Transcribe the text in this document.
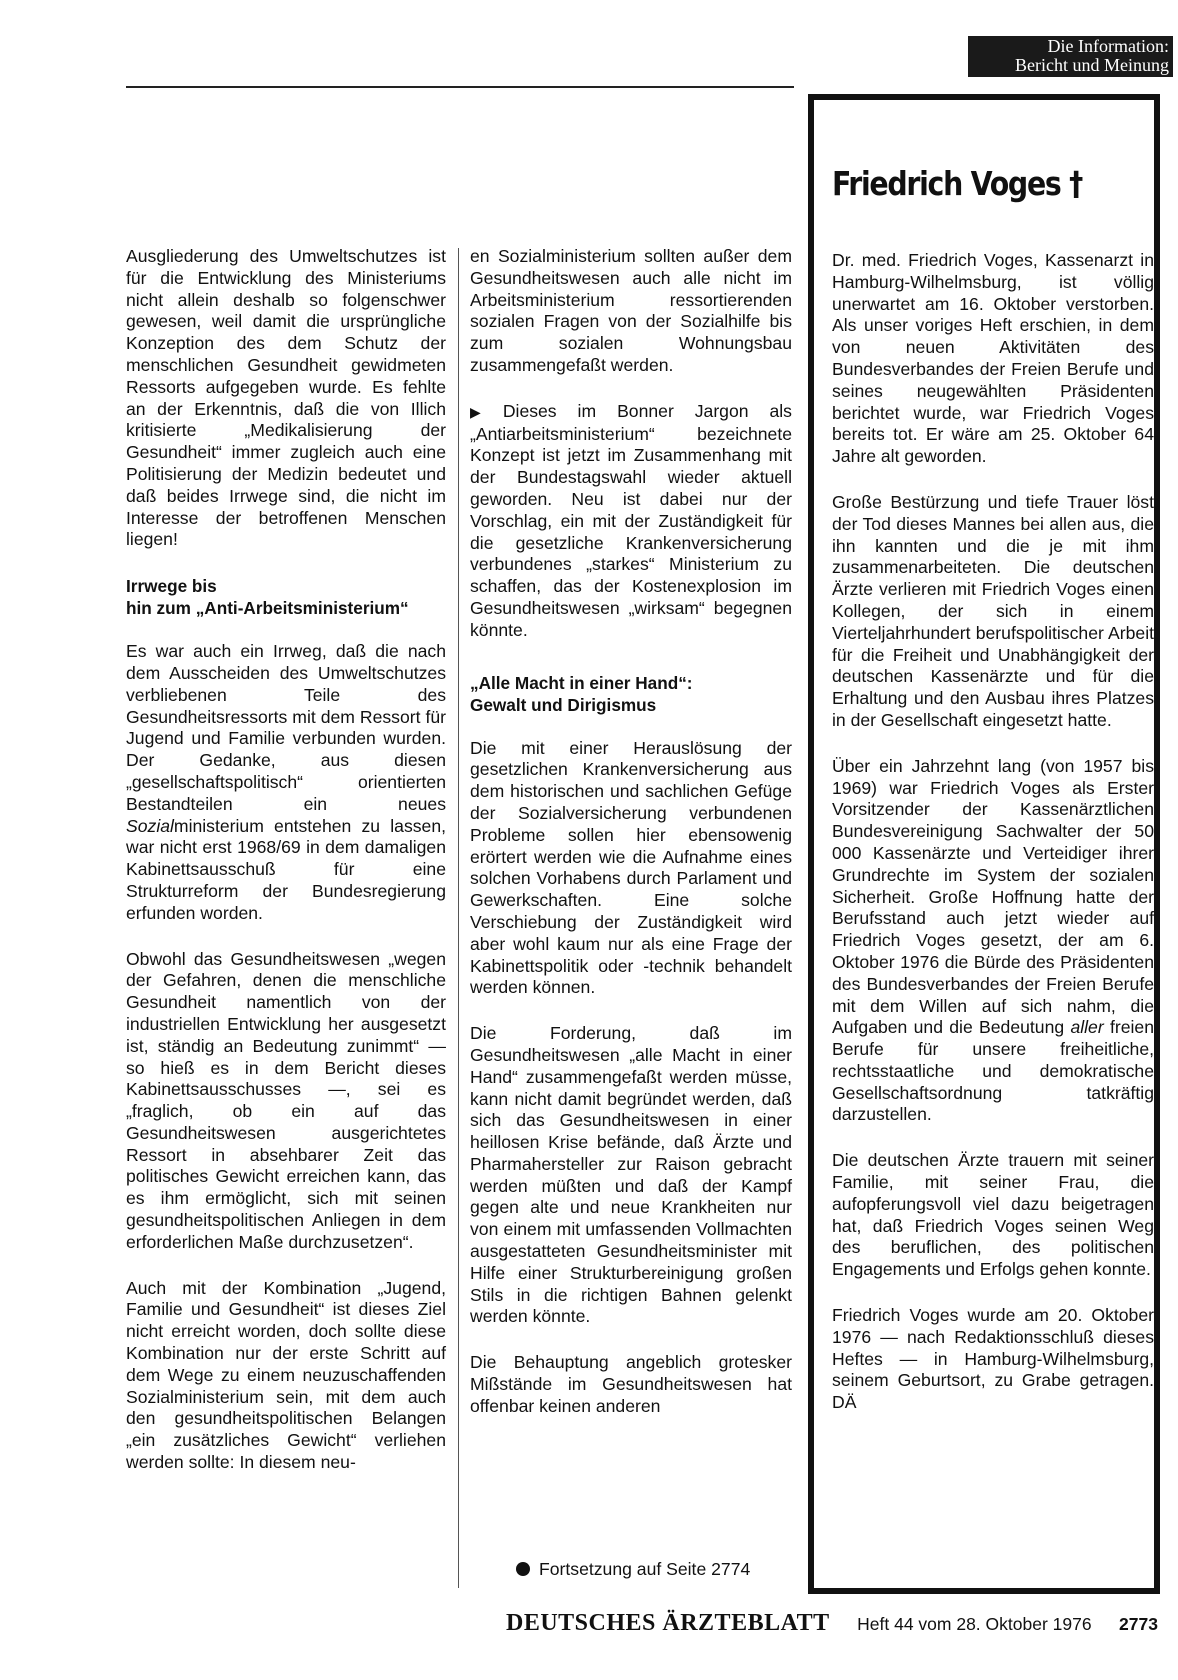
Die Information:
Bericht und Meinung

Ausgliederung des Umweltschutzes ist für die Entwicklung des Ministeriums nicht allein deshalb so folgenschwer gewesen, weil damit die ursprüngliche Konzeption des dem Schutz der menschlichen Gesundheit gewidmeten Ressorts aufgegeben wurde. Es fehlte an der Erkenntnis, daß die von Illich kritisierte „Medikalisierung der Gesundheit“ immer zugleich auch eine Politisierung der Medizin bedeutet und daß beides Irrwege sind, die nicht im Interesse der betroffenen Menschen liegen!

Irrwege bis
hin zum „Anti-Arbeitsministerium“

Es war auch ein Irrweg, daß die nach dem Ausscheiden des Umweltschutzes verbliebenen Teile des Gesundheitsressorts mit dem Ressort für Jugend und Familie verbunden wurden. Der Gedanke, aus diesen „gesellschaftspolitisch“ orientierten Bestandteilen ein neues Sozialministerium entstehen zu lassen, war nicht erst 1968/69 in dem damaligen Kabinettsausschuß für eine Strukturreform der Bundesregierung erfunden worden.

Obwohl das Gesundheitswesen „wegen der Gefahren, denen die menschliche Gesundheit namentlich von der industriellen Entwicklung her ausgesetzt ist, ständig an Bedeutung zunimmt“ — so hieß es in dem Bericht dieses Kabinettsausschusses —, sei es „fraglich, ob ein auf das Gesundheitswesen ausgerichtetes Ressort in absehbarer Zeit das politisches Gewicht erreichen kann, das es ihm ermöglicht, sich mit seinen gesundheitspolitischen Anliegen in dem erforderlichen Maße durchzusetzen“.

Auch mit der Kombination „Jugend, Familie und Gesundheit“ ist dieses Ziel nicht erreicht worden, doch sollte diese Kombination nur der erste Schritt auf dem Wege zu einem neuzuschaffenden Sozialministerium sein, mit dem auch den gesundheitspolitischen Belangen „ein zusätzliches Gewicht“ verliehen werden sollte: In diesem neu-

en Sozialministerium sollten außer dem Gesundheitswesen auch alle nicht im Arbeitsministerium ressortierenden sozialen Fragen von der Sozialhilfe bis zum sozialen Wohnungsbau zusammengefaßt werden.

▶ Dieses im Bonner Jargon als „Antiarbeitsministerium“ bezeichnete Konzept ist jetzt im Zusammenhang mit der Bundestagswahl wieder aktuell geworden. Neu ist dabei nur der Vorschlag, ein mit der Zuständigkeit für die gesetzliche Krankenversicherung verbundenes „starkes“ Ministerium zu schaffen, das der Kostenexplosion im Gesundheitswesen „wirksam“ begegnen könnte.

„Alle Macht in einer Hand“:
Gewalt und Dirigismus

Die mit einer Herauslösung der gesetzlichen Krankenversicherung aus dem historischen und sachlichen Gefüge der Sozialversicherung verbundenen Probleme sollen hier ebensowenig erörtert werden wie die Aufnahme eines solchen Vorhabens durch Parlament und Gewerkschaften. Eine solche Verschiebung der Zuständigkeit wird aber wohl kaum nur als eine Frage der Kabinettspolitik oder -technik behandelt werden können.

Die Forderung, daß im Gesundheitswesen „alle Macht in einer Hand“ zusammengefaßt werden müsse, kann nicht damit begründet werden, daß sich das Gesundheitswesen in einer heillosen Krise befände, daß Ärzte und Pharmahersteller zur Raison gebracht werden müßten und daß der Kampf gegen alte und neue Krankheiten nur von einem mit umfassenden Vollmachten ausgestatteten Gesundheitsminister mit Hilfe einer Strukturbereinigung großen Stils in die richtigen Bahnen gelenkt werden könnte.

Die Behauptung angeblich grotesker Mißstände im Gesundheitswesen hat offenbar keinen anderen

Fortsetzung auf Seite 2774
Friedrich Voges †

Dr. med. Friedrich Voges, Kassenarzt in Hamburg-Wilhelmsburg, ist völlig unerwartet am 16. Oktober verstorben. Als unser voriges Heft erschien, in dem von neuen Aktivitäten des Bundesverbandes der Freien Berufe und seines neugewählten Präsidenten berichtet wurde, war Friedrich Voges bereits tot. Er wäre am 25. Oktober 64 Jahre alt geworden.

Große Bestürzung und tiefe Trauer löst der Tod dieses Mannes bei allen aus, die ihn kannten und die je mit ihm zusammenarbeiteten. Die deutschen Ärzte verlieren mit Friedrich Voges einen Kollegen, der sich in einem Vierteljahrhundert berufspolitischer Arbeit für die Freiheit und Unabhängigkeit der deutschen Kassenärzte und für die Erhaltung und den Ausbau ihres Platzes in der Gesellschaft eingesetzt hatte.

Über ein Jahrzehnt lang (von 1957 bis 1969) war Friedrich Voges als Erster Vorsitzender der Kassenärztlichen Bundesvereinigung Sachwalter der 50 000 Kassenärzte und Verteidiger ihrer Grundrechte im System der sozialen Sicherheit. Große Hoffnung hatte der Berufsstand auch jetzt wieder auf Friedrich Voges gesetzt, der am 6. Oktober 1976 die Bürde des Präsidenten des Bundesverbandes der Freien Berufe mit dem Willen auf sich nahm, die Aufgaben und die Bedeutung aller freien Berufe für unsere freiheitliche, rechtsstaatliche und demokratische Gesellschaftsordnung tatkräftig darzustellen.

Die deutschen Ärzte trauern mit seiner Familie, mit seiner Frau, die aufopferungsvoll viel dazu beigetragen hat, daß Friedrich Voges seinen Weg des beruflichen, des politischen Engagements und Erfolgs gehen konnte.

Friedrich Voges wurde am 20. Oktober 1976 — nach Redaktionsschluß dieses Heftes — in Hamburg-Wilhelmsburg, seinem Geburtsort, zu Grabe getragen. DÄ

DEUTSCHES ÄRZTEBLATT Heft 44 vom 28. Oktober 1976 2773
